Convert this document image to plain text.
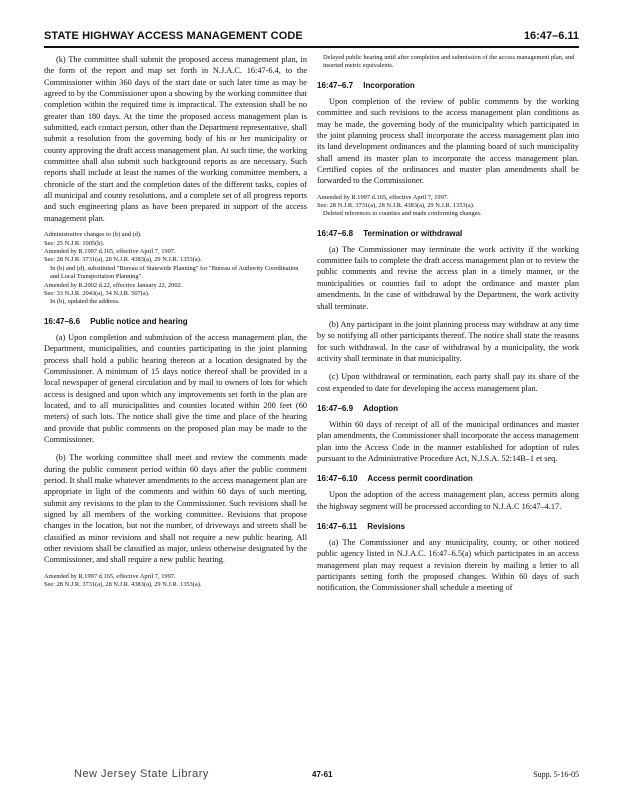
STATE HIGHWAY ACCESS MANAGEMENT CODE	16:47–6.11

(k) The committee shall submit the proposed access management plan, in the form of the report and map set forth in N.J.A.C. 16:47-6.4, to the Commissioner within 360 days of the start date or such later time as may be agreed to by the Commissioner upon a showing by the working committee that completion within the required time is impractical. The extension shall be no greater than 180 days. At the time the proposed access management plan is submitted, each contact person, other than the Department representative, shall submit a resolution from the governing body of his or her municipality or county approving the draft access management plan. At such time, the working committee shall also submit such background reports as are necessary. Such reports shall include at least the names of the working committee members, a chronicle of the start and the completion dates of the different tasks, copies of all municipal and county resolutions, and a complete set of all progress reports and such engineering plans as have been prepared in support of the access management plan.

Administrative changes to (b) and (d).
See: 25 N.J.R. 1005(b).
Amended by R.1997 d.165, effective April 7, 1997.
See: 28 N.J.R. 3731(a), 28 N.J.R. 4383(a), 29 N.J.R. 1353(a).
In (b) and (d), substituted "Bureau of Statewide Planning" for "Bureau of Authority Coordination and Local Transportation Planning".
Amended by R.2002 d.22, effective January 22, 2002.
See: 33 N.J.R. 2043(a), 34 N.J.R. 507(a).
In (b), updated the address.
16:47–6.6 Public notice and hearing

(a) Upon completion and submission of the access management plan, the Department, municipalities, and counties participating in the joint planning process shall hold a public hearing thereon at a location designated by the Commissioner. A minimum of 15 days notice thereof shall be provided in a local newspaper of general circulation and by mail to owners of lots for which access is designed and upon which any improvements set forth in the plan are located, and to all municipalities and counties located within 200 feet (60 meters) of such lots. The notice shall give the time and place of the hearing and provide that public comments on the proposed plan may be made to the Commissioner.

(b) The working committee shall meet and review the comments made during the public comment period within 60 days after the public comment period. It shall make whatever amendments to the access management plan are appropriate in light of the comments and within 60 days of such meeting, submit any revisions to the plan to the Commissioner. Such revisions shall be signed by all members of the working committee. Revisions that propose changes in the location, but not the number, of driveways and streets shall be classified as minor revisions and shall not require a new public hearing. All other revisions shall be classified as major, unless otherwise designated by the Commissioner, and shall require a new public hearing.

Amended by R.1997 d.165, effective April 7, 1997.
See: 28 N.J.R. 3731(a), 28 N.J.R. 4383(a), 29 N.J.R. 1353(a).
Delayed public hearing until after completion and submission of the access management plan, and inserted metric equivalents.
16:47–6.7 Incorporation

Upon completion of the review of public comments by the working committee and such revisions to the access management plan conditions as may be made, the governing body of the municipality which participated in the joint planning process shall incorporate the access management plan into its land development ordinances and the planning board of such municipality shall amend its master plan to incorporate the access management plan. Certified copies of the ordinances and master plan amendments shall be forwarded to the Commissioner.

Amended by R.1997 d.165, effective April 7, 1997.
See: 28 N.J.R. 3731(a), 28 N.J.R. 4383(a), 29 N.J.R. 1353(a).
Deleted references to counties and made conforming changes.
16:47–6.8 Termination or withdrawal

(a) The Commissioner may terminate the work activity if the working committee fails to complete the draft access management plan or to review the public comments and revise the access plan in a timely manner, or the municipalities or counties fail to adopt the ordinance and master plan amendments. In the case of withdrawal by the Department, the work activity shall terminate.

(b) Any participant in the joint planning process may withdraw at any time by so notifying all other participants thereof. The notice shall state the reasons for such withdrawal. In the case of withdrawal by a municipality, the work activity shall terminate in that municipality.

(c) Upon withdrawal or termination, each party shall pay its share of the cost expended to date for developing the access management plan.

16:47–6.9 Adoption

Within 60 days of receipt of all of the municipal ordinances and master plan amendments, the Commissioner shall incorporate the access management plan into the Access Code in the manner established for adoption of rules pursuant to the Administrative Procedure Act, N.J.S.A. 52:14B–1 et seq.

16:47–6.10 Access permit coordination

Upon the adoption of the access management plan, access permits along the highway segment will be processed according to N.J.A.C 16:47–4.17.

16:47–6.11 Revisions

(a) The Commissioner and any municipality, county, or other noticed public agency listed in N.J.A.C. 16:47–6.5(a) which participates in an access management plan may request a revision therein by mailing a letter to all participants setting forth the proposed changes. Within 60 days of such notification, the Commissioner shall schedule a meeting of

New Jersey State Library	47-61	Supp. 5-16-05
